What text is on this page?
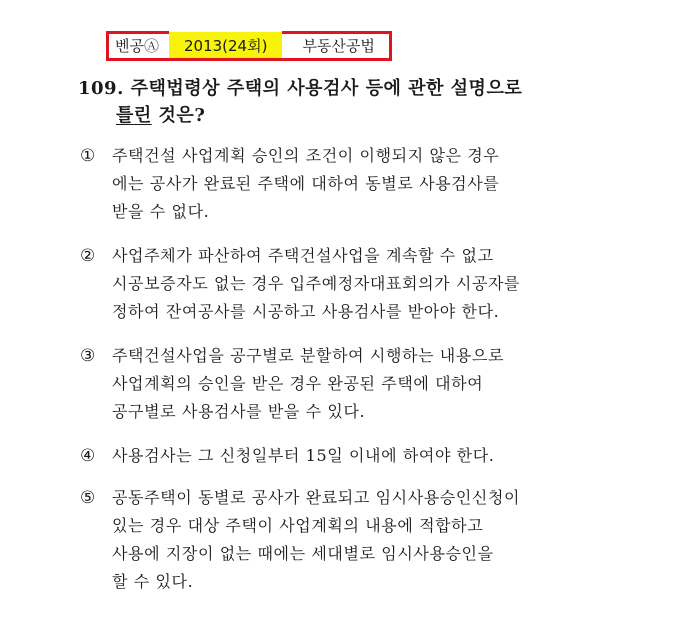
벤공Ⓐ	2013(24회)	부동산공법
109. 주택법령상 주택의 사용검사 등에 관한 설명으로
틀린 것은?
①	주택건설 사업계획 승인의 조건이 이행되지 않은 경우
에는 공사가 완료된 주택에 대하여 동별로 사용검사를
받을 수 없다.
②	사업주체가 파산하여 주택건설사업을 계속할 수 없고
시공보증자도 없는 경우 입주예정자대표회의가 시공자를
정하여 잔여공사를 시공하고 사용검사를 받아야 한다.
③	주택건설사업을 공구별로 분할하여 시행하는 내용으로
사업계획의 승인을 받은 경우 완공된 주택에 대하여
공구별로 사용검사를 받을 수 있다.
④	사용검사는 그 신청일부터 15일 이내에 하여야 한다.
⑤	공동주택이 동별로 공사가 완료되고 임시사용승인신청이
있는 경우 대상 주택이 사업계획의 내용에 적합하고
사용에 지장이 없는 때에는 세대별로 임시사용승인을
할 수 있다.
